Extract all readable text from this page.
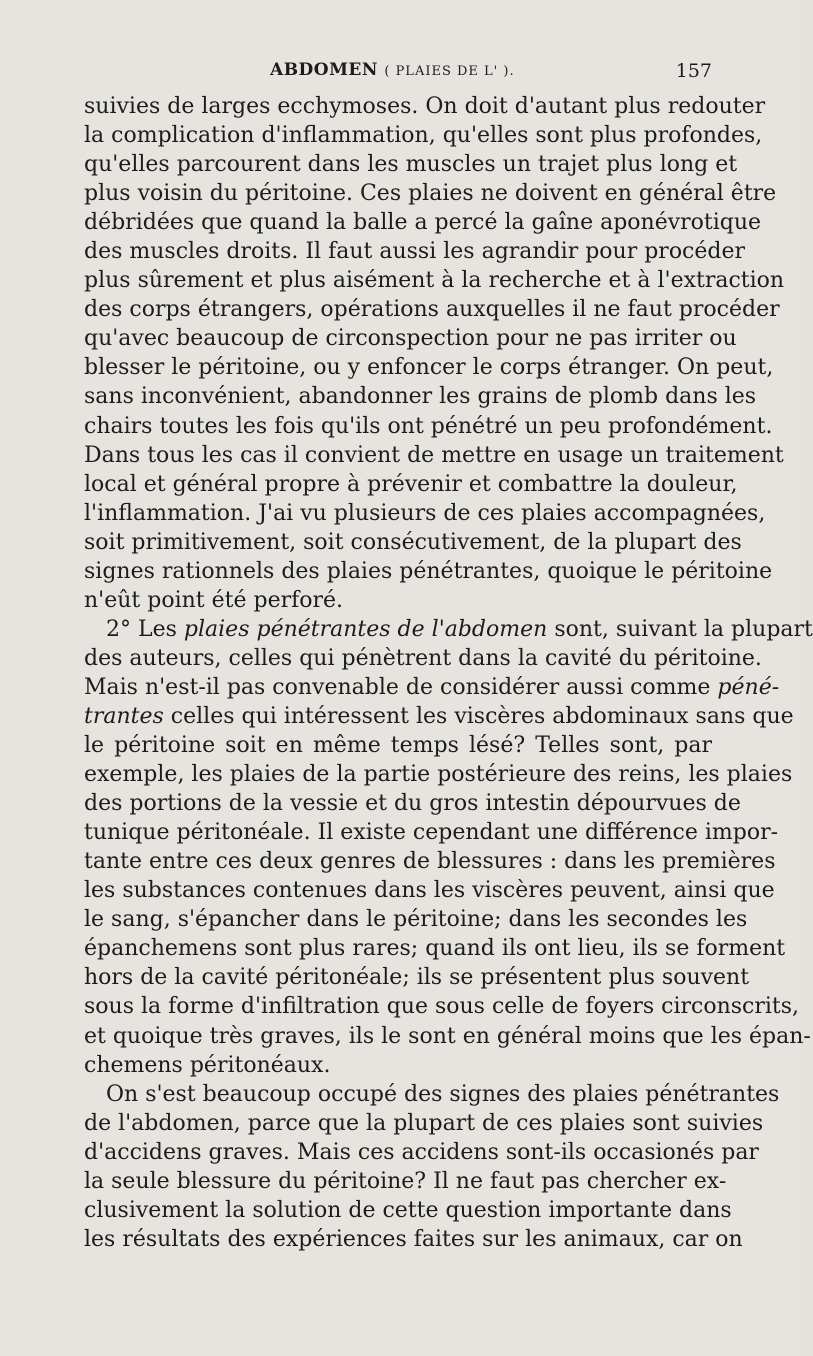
ABDOMEN ( PLAIES DE L' ).	157
suivies de larges ecchymoses. On doit d'autant plus redouter
la complication d'inflammation, qu'elles sont plus profondes,
qu'elles parcourent dans les muscles un trajet plus long et
plus voisin du péritoine. Ces plaies ne doivent en général être
débridées que quand la balle a percé la gaîne aponévrotique
des muscles droits. Il faut aussi les agrandir pour procéder
plus sûrement et plus aisément à la recherche et à l'extraction
des corps étrangers, opérations auxquelles il ne faut procéder
qu'avec beaucoup de circonspection pour ne pas irriter ou
blesser le péritoine, ou y enfoncer le corps étranger. On peut,
sans inconvénient, abandonner les grains de plomb dans les
chairs toutes les fois qu'ils ont pénétré un peu profondément.
Dans tous les cas il convient de mettre en usage un traitement
local et général propre à prévenir et combattre la douleur,
l'inflammation. J'ai vu plusieurs de ces plaies accompagnées,
soit primitivement, soit consécutivement, de la plupart des
signes rationnels des plaies pénétrantes, quoique le péritoine
n'eût point été perforé.
2° Les plaies pénétrantes de l'abdomen sont, suivant la plupart
des auteurs, celles qui pénètrent dans la cavité du péritoine.
Mais n'est-il pas convenable de considérer aussi comme péné-
trantes celles qui intéressent les viscères abdominaux sans que
le péritoine soit en même temps lésé? Telles sont, par
exemple, les plaies de la partie postérieure des reins, les plaies
des portions de la vessie et du gros intestin dépourvues de
tunique péritonéale. Il existe cependant une différence impor-
tante entre ces deux genres de blessures : dans les premières
les substances contenues dans les viscères peuvent, ainsi que
le sang, s'épancher dans le péritoine; dans les secondes les
épanchemens sont plus rares; quand ils ont lieu, ils se forment
hors de la cavité péritonéale; ils se présentent plus souvent
sous la forme d'infiltration que sous celle de foyers circonscrits,
et quoique très graves, ils le sont en général moins que les épan-
chemens péritonéaux.
On s'est beaucoup occupé des signes des plaies pénétrantes
de l'abdomen, parce que la plupart de ces plaies sont suivies
d'accidens graves. Mais ces accidens sont-ils occasionés par
la seule blessure du péritoine? Il ne faut pas chercher ex-
clusivement la solution de cette question importante dans
les résultats des expériences faites sur les animaux, car on
